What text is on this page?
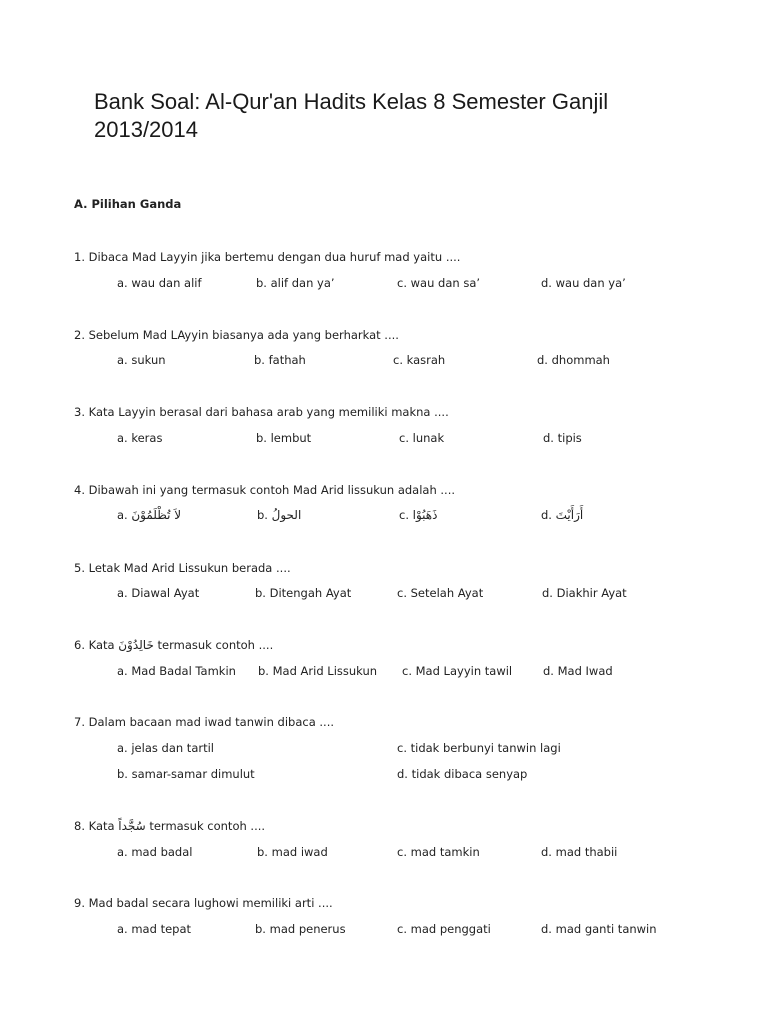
Bank Soal: Al-Qur'an Hadits Kelas 8 Semester Ganjil 2013/2014
A. Pilihan Ganda
1. Dibaca Mad Layyin jika bertemu dengan dua huruf mad yaitu ....
a. wau dan alif	b. alif dan ya’	c. wau dan sa’	d. wau dan ya’
2. Sebelum Mad LAyyin biasanya ada yang berharkat ....
a. sukun	b. fathah	c. kasrah	d. dhommah
3. Kata Layyin berasal dari bahasa arab yang memiliki makna ....
a. keras	b. lembut	c. lunak	d. tipis
4. Dibawah ini yang termasuk contoh Mad Arid lissukun adalah ....
a. لاَ تُظْلَمُوْنَ	b. الحولُ	c. ذَهَبُوْا	d. أَرَأَيْتَ
5. Letak Mad Arid Lissukun berada ....
a. Diawal Ayat	b. Ditengah Ayat	c. Setelah Ayat	d. Diakhir Ayat
6. Kata خَالِدُوْنَ termasuk contoh ....
a. Mad Badal Tamkin b. Mad Arid Lissukun c. Mad Layyin tawil	d. Mad Iwad
7. Dalam bacaan mad iwad tanwin dibaca ....
a. jelas dan tartil	c. tidak berbunyi tanwin lagi
b. samar-samar dimulut	d. tidak dibaca senyap
8. Kata سُجَّداً termasuk contoh ....
a. mad badal	b. mad iwad	c. mad tamkin	d. mad thabii
9. Mad badal secara lughowi memiliki arti ....
a. mad tepat	b. mad penerus	c. mad penggati	d. mad ganti tanwin
